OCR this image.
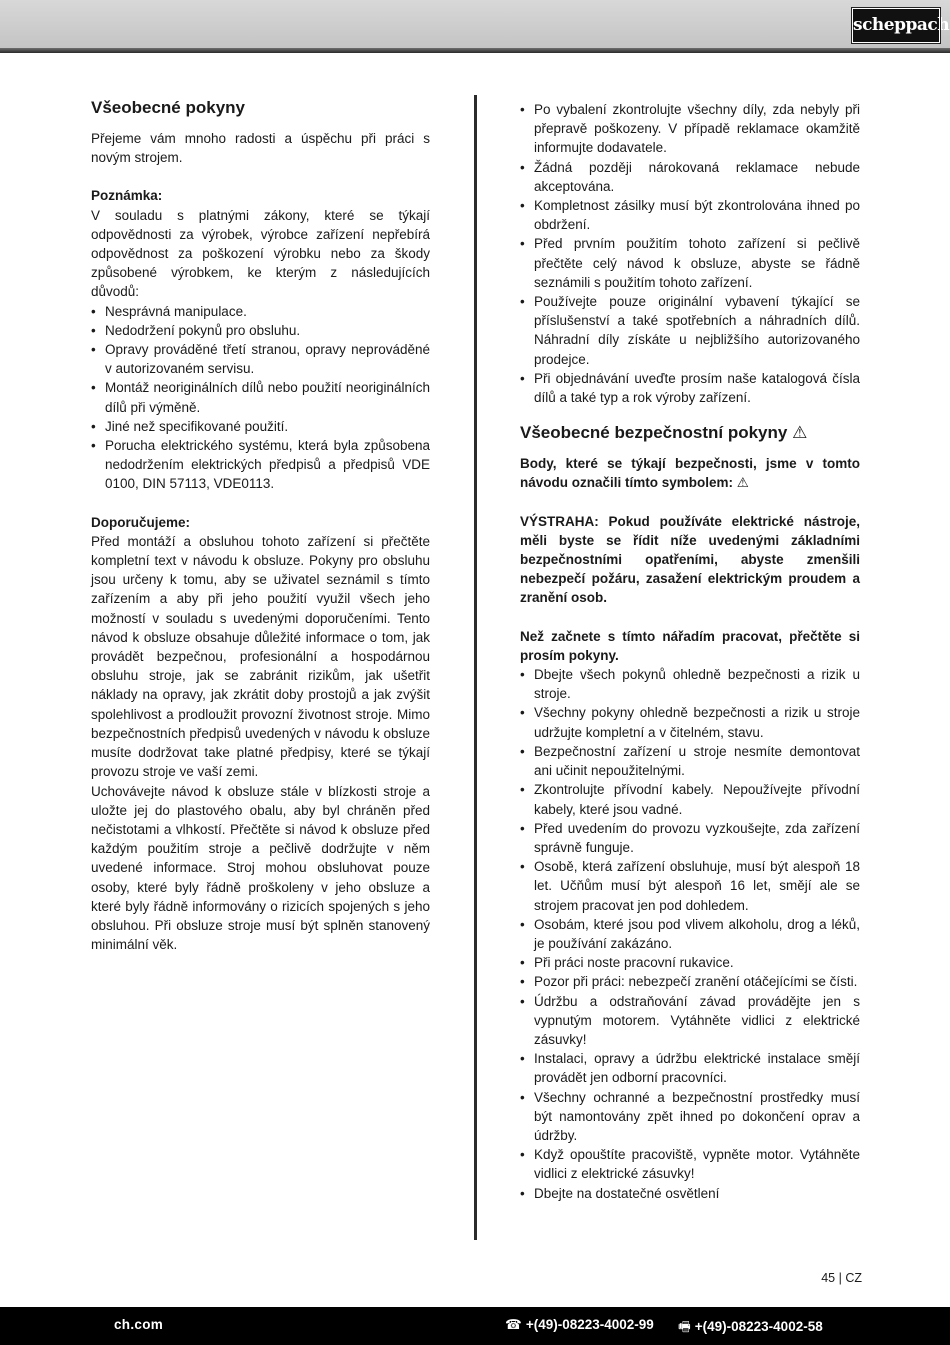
scheppach
Všeobecné pokyny

Přejeme vám mnoho radosti a úspěchu při práci s novým strojem.

Poznámka:

V souladu s platnými zákony, které se týkají odpovědnosti za výrobek, výrobce zařízení nepřebírá odpovědnost za poškození výrobku nebo za škody způsobené výrobkem, ke kterým z následujících důvodů:

• Nesprávná manipulace.
• Nedodržení pokynů pro obsluhu.
• Opravy prováděné třetí stranou, opravy neprováděné v autorizovaném servisu.
• Montáž neoriginálních dílů nebo použití neoriginálních dílů při výměně.
• Jiné než specifikované použití.
• Porucha elektrického systému, která byla způsobena nedodržením elektrických předpisů a předpisů VDE 0100, DIN 57113, VDE0113.

Doporučujeme:

Před montáží a obsluhou tohoto zařízení si přečtěte kompletní text v návodu k obsluze. Pokyny pro obsluhu jsou určeny k tomu, aby se uživatel seznámil s tímto zařízením a aby při jeho použití využil všech jeho možností v souladu s uvedenými doporučeními. Tento návod k obsluze obsahuje důležité informace o tom, jak provádět bezpečnou, profesionální a hospodárnou obsluhu stroje, jak se zabránit rizikům, jak ušetřit náklady na opravy, jak zkrátit doby prostojů a jak zvýšit spolehlivost a prodloužit provozní životnost stroje. Mimo bezpečnostních předpisů uvedených v návodu k obsluze musíte dodržovat take platné předpisy, které se týkají provozu stroje ve vaší zemi.

Uchovávejte návod k obsluze stále v blízkosti stroje a uložte jej do plastového obalu, aby byl chráněn před nečistotami a vlhkostí. Přečtěte si návod k obsluze před každým použitím stroje a pečlivě dodržujte v něm uvedené informace. Stroj mohou obsluhovat pouze osoby, které byly řádně proškoleny v jeho obsluze a které byly řádně informovány o rizicích spojených s jeho obsluhou. Při obsluze stroje musí být splněn stanovený minimální věk.

• Po vybalení zkontrolujte všechny díly, zda nebyly při přepravě poškozeny. V případě reklamace okamžitě informujte dodavatele.
• Žádná později nárokovaná reklamace nebude akceptována.
• Kompletnost zásilky musí být zkontrolována ihned po obdržení.
• Před prvním použitím tohoto zařízení si pečlivě přečtěte celý návod k obsluze, abyste se řádně seznámili s použitím tohoto zařízení.
• Používejte pouze originální vybavení týkající se příslušenství a také spotřebních a náhradních dílů. Náhradní díly získáte u nejbližšího autorizovaného prodejce.
• Při objednávání uveďte prosím naše katalogová čísla dílů a také typ a rok výroby zařízení.
Všeobecné bezpečnostní pokyny ⚠

Body, které se týkají bezpečnosti, jsme v tomto návodu označili tímto symbolem: ⚠

VÝSTRAHA: Pokud používáte elektrické nástroje, měli byste se řídit níže uvedenými základními bezpečnostními opatřeními, abyste zmenšili nebezpečí požáru, zasažení elektrickým proudem a zranění osob.

Než začnete s tímto nářadím pracovat, přečtěte si prosím pokyny.

• Dbejte všech pokynů ohledně bezpečnosti a rizik u stroje.
• Všechny pokyny ohledně bezpečnosti a rizik u stroje udržujte kompletní a v čitelném, stavu.
• Bezpečnostní zařízení u stroje nesmíte demontovat ani učinit nepoužitelnými.
• Zkontrolujte přívodní kabely. Nepoužívejte přívodní kabely, které jsou vadné.
• Před uvedením do provozu vyzkoušejte, zda zařízení správně funguje.
• Osobě, která zařízení obsluhuje, musí být alespoň 18 let. Učňům musí být alespoň 16 let, smějí ale se strojem pracovat jen pod dohledem.
• Osobám, které jsou pod vlivem alkoholu, drog a léků, je používání zakázáno.
• Při práci noste pracovní rukavice.
• Pozor při práci: nebezpečí zranění otáčejícími se čísti.
• Údržbu a odstraňování závad provádějte jen s vypnutým motorem. Vytáhněte vidlici z elektrické zásuvky!
• Instalaci, opravy a údržbu elektrické instalace smějí provádět jen odborní pracovníci.
• Všechny ochranné a bezpečnostní prostředky musí být namontovány zpět ihned po dokončení oprav a údržby.
• Když opouštíte pracoviště, vypněte motor. Vytáhněte vidlici z elektrické zásuvky!
• Dbejte na dostatečné osvětlení
45 | CZ
ch.com	☎ +(49)-08223-4002-99 🖷 +(49)-08223-4002-58
